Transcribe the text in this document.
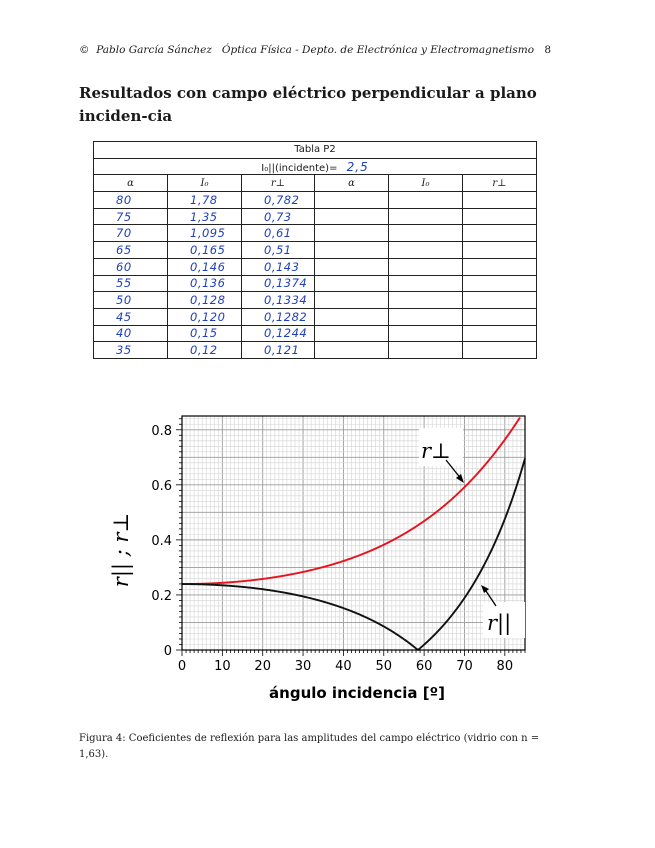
© Pablo García Sánchez Óptica Física - Depto. de Electrónica y Electromagnetismo 8
Resultados con campo eléctrico perpendicular a plano inciden-cia
Tabla P2					
I₀||(incidente)= 2,5					
α	I₀	r⊥	α	I₀	r⊥
80	1,78	0,782			
75	1,35	0,73			
70	1,095	0,61			
65	0,165	0,51			
60	0,146	0,143			
55	0,136	0,1374			
50	0,128	0,1334			
45	0,120	0,1282			
40	0,15	0,1244			
35	0,12	0,121			
0 10 20 30 40 50 60 70 80
0
0.2
0.4
0.6
0.8
ángulo incidencia [º]
r|| ; r⊥
r⊥
r||
Figura 4: Coeficientes de reflexión para las amplitudes del campo eléctrico (vidrio con n = 1,63).
